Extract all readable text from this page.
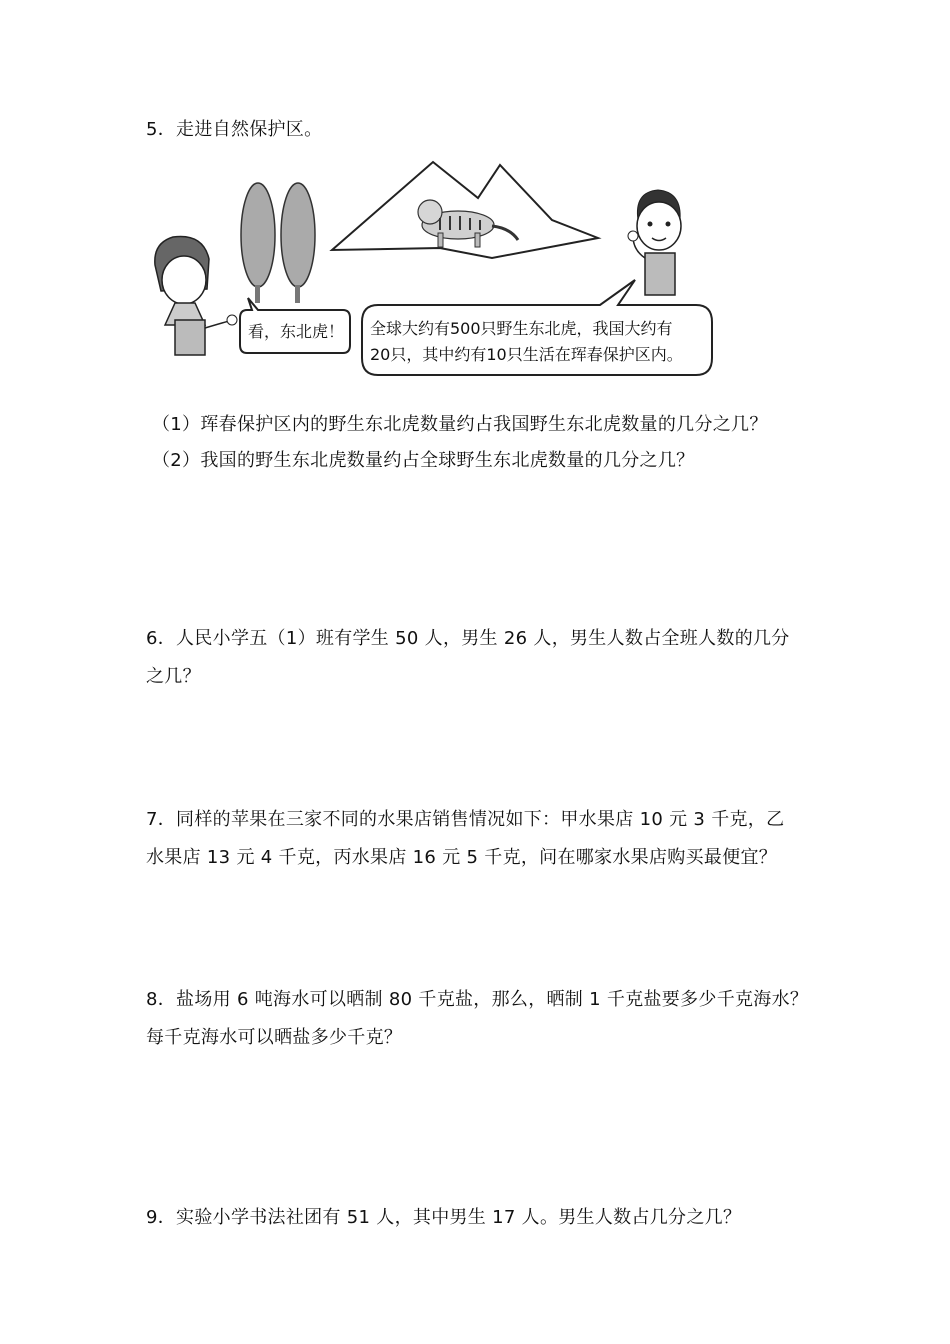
5．走进自然保护区。
看，东北虎！ 全球大约有500只野生东北虎，我国大约有
20只，其中约有10只生活在珲春保护区内。
（1）珲春保护区内的野生东北虎数量约占我国野生东北虎数量的几分之几？
（2）我国的野生东北虎数量约占全球野生东北虎数量的几分之几？
6．人民小学五（1）班有学生 50 人，男生 26 人，男生人数占全班人数的几分
之几？
7．同样的苹果在三家不同的水果店销售情况如下：甲水果店 10 元 3 千克，乙
水果店 13 元 4 千克，丙水果店 16 元 5 千克，问在哪家水果店购买最便宜？
8．盐场用 6 吨海水可以晒制 80 千克盐，那么，晒制 1 千克盐要多少千克海水？
每千克海水可以晒盐多少千克？
9．实验小学书法社团有 51 人，其中男生 17 人。男生人数占几分之几？
